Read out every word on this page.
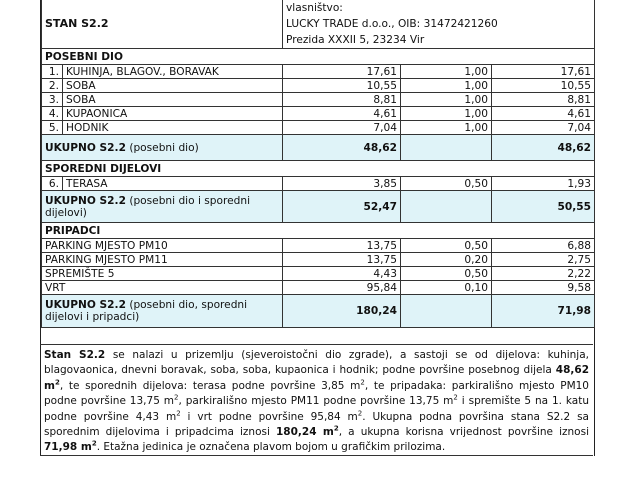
STAN S2.2		vlasništvo:
LUCKY TRADE d.o.o., OIB: 31472421260
Prezida XXXII 5, 23234 Vir		

POSEBNI DIO				
1.	KUHINJA, BLAGOV., BORAVAK	17,61	1,00	17,61
2.	SOBA	10,55	1,00	10,55
3.	SOBA	8,81	1,00	8,81
4.	KUPAONICA	4,61	1,00	4,61
5.	HODNIK	7,04	1,00	7,04
UKUPNO S2.2 (posebni dio)		48,62		48,62
SPOREDNI DIJELOVI				
6.	TERASA	3,85	0,50	1,93
UKUPNO S2.2 (posebni dio i sporedni dijelovi)		52,47		50,55
PRIPADCI				
PARKING MJESTO PM10		13,75	0,50	6,88
PARKING MJESTO PM11		13,75	0,20	2,75
SPREMIŠTE 5		4,43	0,50	2,22
VRT		95,84	0,10	9,58
UKUPNO S2.2 (posebni dio, sporedni dijelovi i pripadci)		180,24		71,98
Stan S2.2 se nalazi u prizemlju (sjeveroistočni dio zgrade), a sastoji se od dijelova: kuhinja, blagovaonica, dnevni boravak, soba, soba, kupaonica i hodnik; podne površine posebnog dijela 48,62 $m^2$, te sporednih dijelova: terasa podne površine 3,85 $m^2$, te pripadaka: parkirališno mjesto PM10 podne površine 13,75 $m^2$, parkirališno mjesto PM11 podne površine 13,75 $m^2$ i spremište 5 na 1. katu podne površine 4,43 $m^2$ i vrt podne površine 95,84 $m^2$. Ukupna podna površina stana S2.2 sa sporednim dijelovima i pripadcima iznosi 180,24 $m^2$, a ukupna korisna vrijednost površine iznosi 71,98 $m^2$. Etažna jedinica je označena plavom bojom u grafičkim prilozima.
